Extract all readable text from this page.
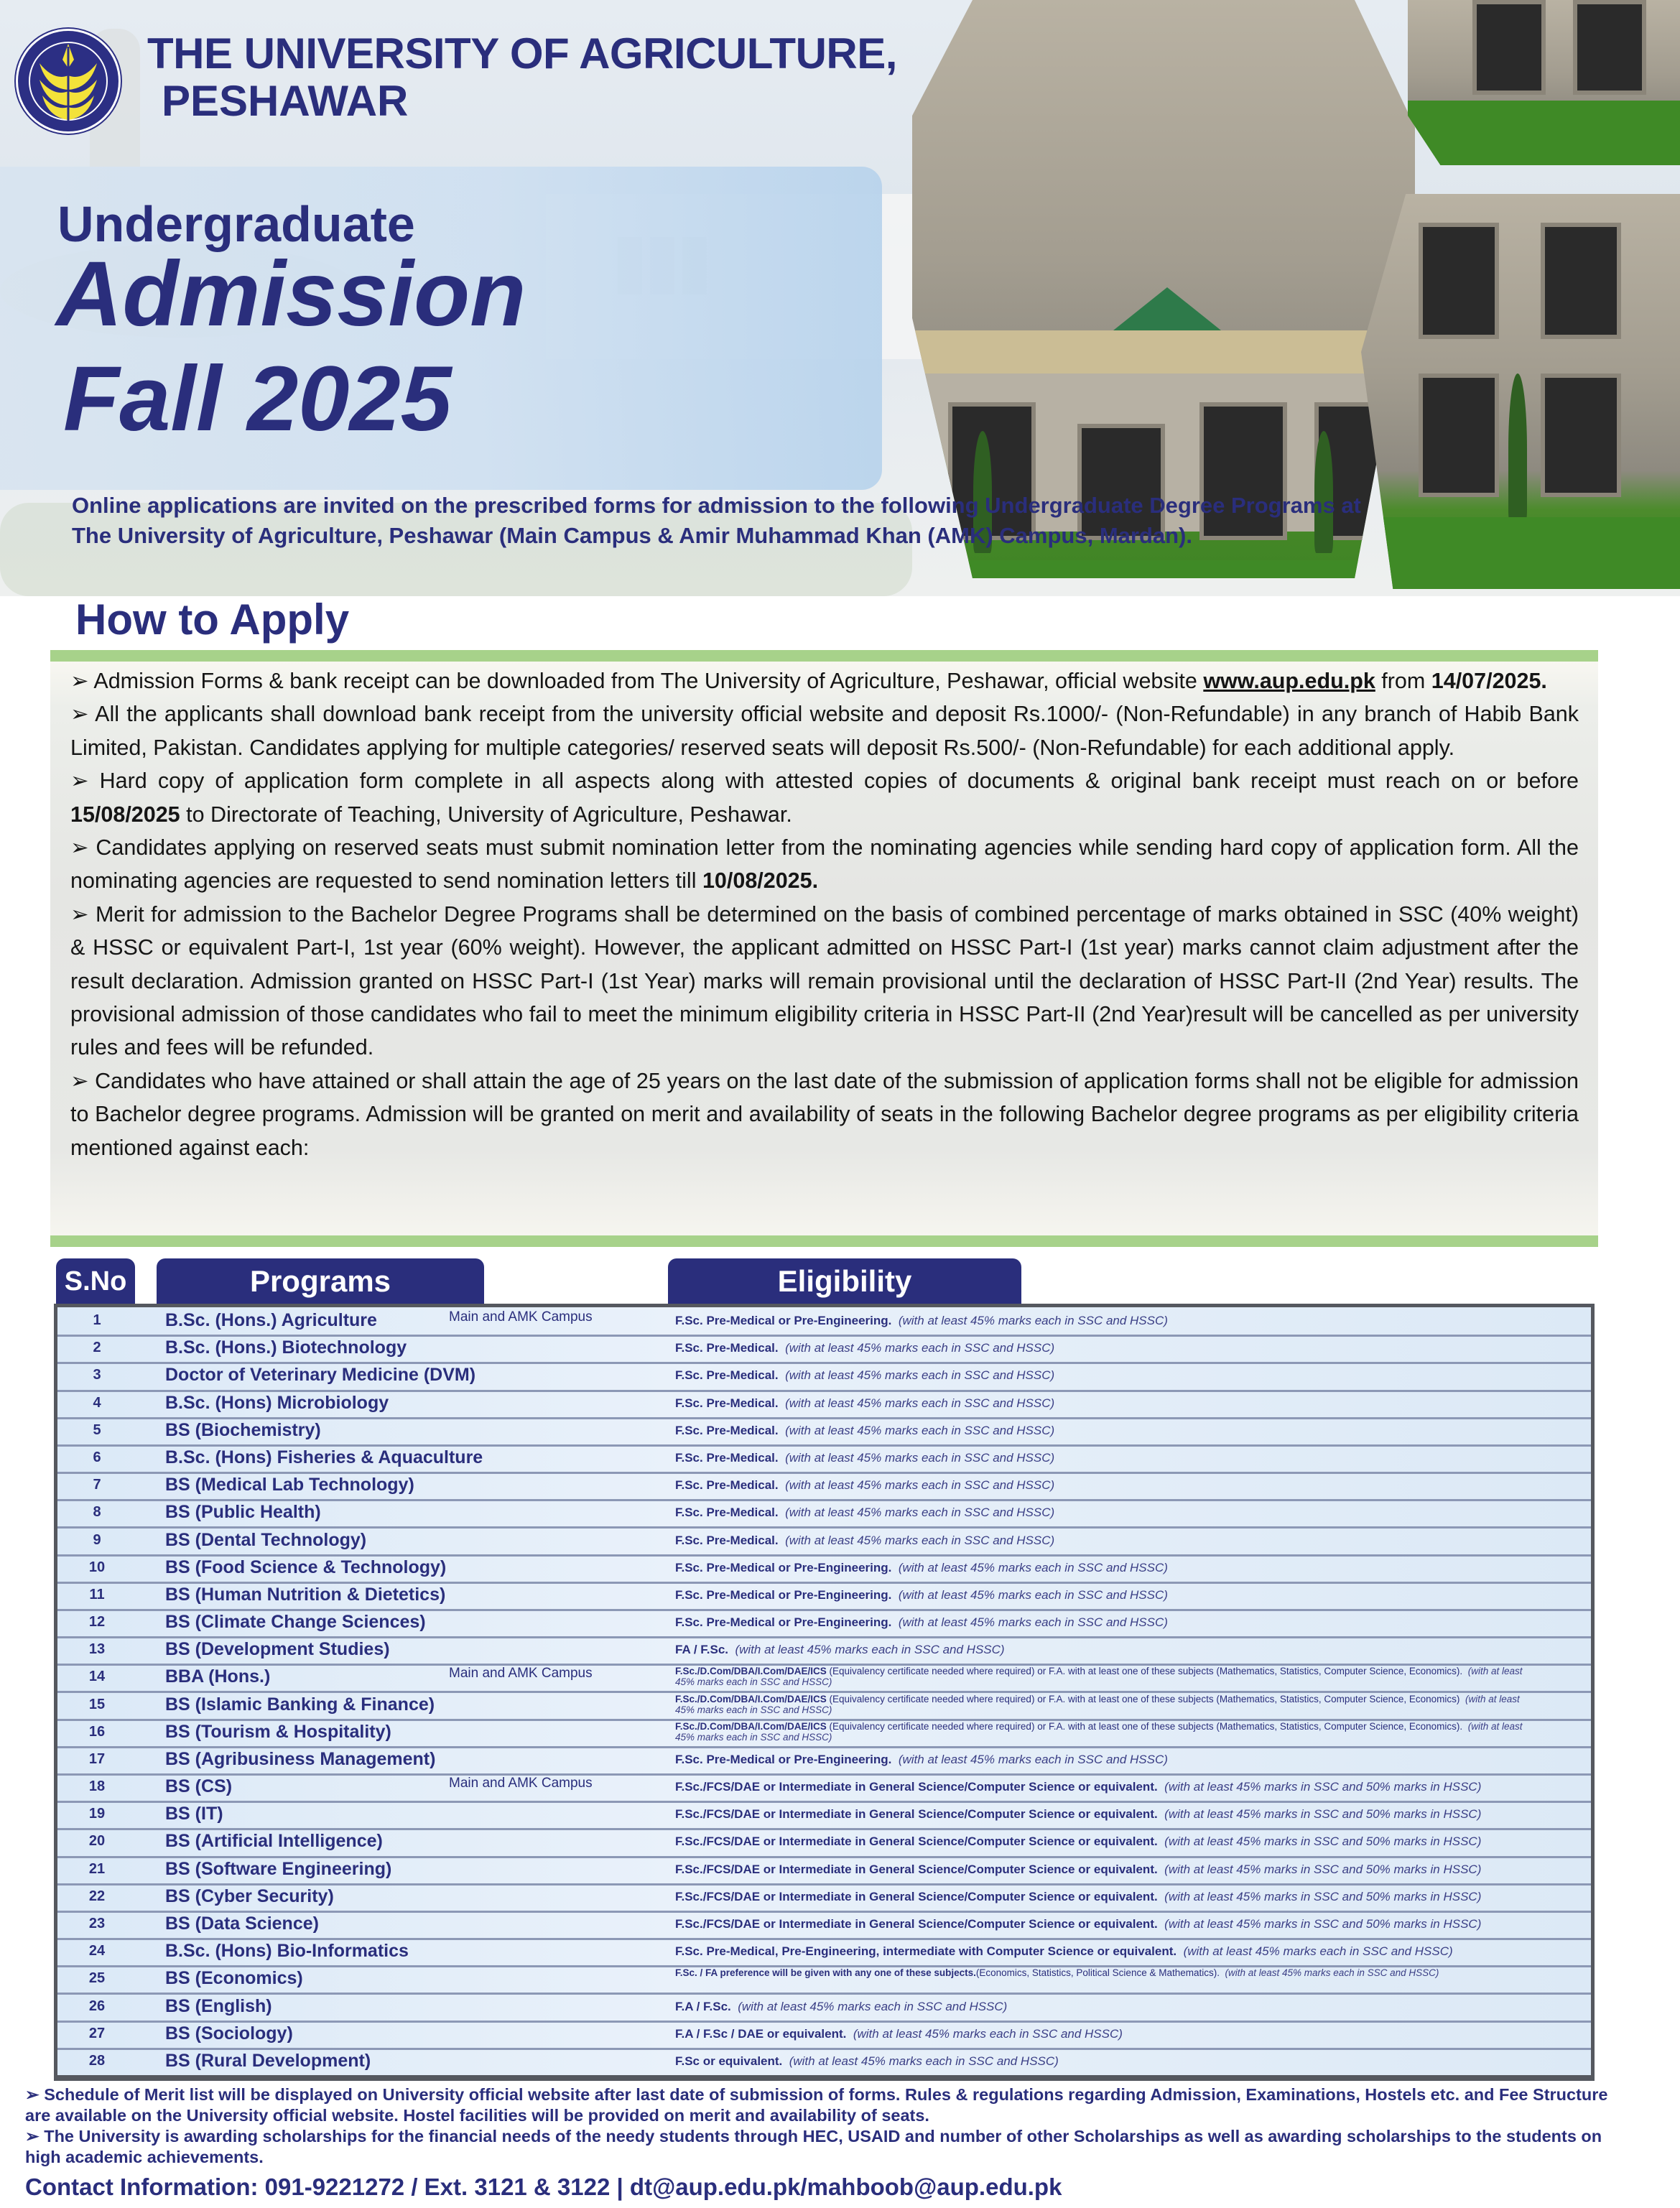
THE UNIVERSITY OF AGRICULTURE,
PESHAWAR
Undergraduate
Admission
Fall 2025
Online applications are invited on the prescribed forms for admission to the following Undergraduate Degree Programs at The University of Agriculture, Peshawar (Main Campus & Amir Muhammad Khan (AMK) Campus, Mardan).
How to Apply

➢ Admission Forms & bank receipt can be downloaded from The University of Agriculture, Peshawar, official website www.aup.edu.pk from 14/07/2025.

➢ All the applicants shall download bank receipt from the university official website and deposit Rs.1000/- (Non-Refundable) in any branch of Habib Bank Limited, Pakistan. Candidates applying for multiple categories/ reserved seats will deposit Rs.500/- (Non-Refundable) for each additional apply.

➢ Hard copy of application form complete in all aspects along with attested copies of documents & original bank receipt must reach on or before 15/08/2025 to Directorate of Teaching, University of Agriculture, Peshawar.

➢ Candidates applying on reserved seats must submit nomination letter from the nominating agencies while sending hard copy of application form. All the nominating agencies are requested to send nomination letters till 10/08/2025.

➢ Merit for admission to the Bachelor Degree Programs shall be determined on the basis of combined percentage of marks obtained in SSC (40% weight) & HSSC or equivalent Part-I, 1st year (60% weight). However, the applicant admitted on HSSC Part-I (1st year) marks cannot claim adjustment after the result declaration. Admission granted on HSSC Part-I (1st Year) marks will remain provisional until the declaration of HSSC Part-II (2nd Year) results. The provisional admission of those candidates who fail to meet the minimum eligibility criteria in HSSC Part-II (2nd Year)result will be cancelled as per university rules and fees will be refunded.

➢ Candidates who have attained or shall attain the age of 25 years on the last date of the submission of application forms shall not be eligible for admission to Bachelor degree programs. Admission will be granted on merit and availability of seats in the following Bachelor degree programs as per eligibility criteria mentioned against each:

S.No	Programs	Eligibility
1	B.Sc. (Hons.) Agriculture	Main and AMK Campus	F.Sc. Pre-Medical or Pre-Engineering. (with at least 45% marks each in SSC and HSSC)
2	B.Sc. (Hons.) Biotechnology	F.Sc. Pre-Medical. (with at least 45% marks each in SSC and HSSC)
3	Doctor of Veterinary Medicine (DVM)	F.Sc. Pre-Medical. (with at least 45% marks each in SSC and HSSC)
4	B.Sc. (Hons) Microbiology	F.Sc. Pre-Medical. (with at least 45% marks each in SSC and HSSC)
5	BS (Biochemistry)	F.Sc. Pre-Medical. (with at least 45% marks each in SSC and HSSC)
6	B.Sc. (Hons) Fisheries & Aquaculture	F.Sc. Pre-Medical. (with at least 45% marks each in SSC and HSSC)
7	BS (Medical Lab Technology)	F.Sc. Pre-Medical. (with at least 45% marks each in SSC and HSSC)
8	BS (Public Health)	F.Sc. Pre-Medical. (with at least 45% marks each in SSC and HSSC)
9	BS (Dental Technology)	F.Sc. Pre-Medical. (with at least 45% marks each in SSC and HSSC)
10	BS (Food Science & Technology)	F.Sc. Pre-Medical or Pre-Engineering. (with at least 45% marks each in SSC and HSSC)
11	BS (Human Nutrition & Dietetics)	F.Sc. Pre-Medical or Pre-Engineering. (with at least 45% marks each in SSC and HSSC)
12	BS (Climate Change Sciences)	F.Sc. Pre-Medical or Pre-Engineering. (with at least 45% marks each in SSC and HSSC)
13	BS (Development Studies)	FA / F.Sc. (with at least 45% marks each in SSC and HSSC)
14	BBA (Hons.)	Main and AMK Campus	F.Sc./D.Com/DBA/I.Com/DAE/ICS (Equivalency certificate needed where required) or F.A. with at least one of these subjects (Mathematics, Statistics, Computer Science, Economics). (with at least 45% marks each in SSC and HSSC)
15	BS (Islamic Banking & Finance)	F.Sc./D.Com/DBA/I.Com/DAE/ICS (Equivalency certificate needed where required) or F.A. with at least one of these subjects (Mathematics, Statistics, Computer Science, Economics) (with at least 45% marks each in SSC and HSSC)
16	BS (Tourism & Hospitality)	F.Sc./D.Com/DBA/I.Com/DAE/ICS (Equivalency certificate needed where required) or F.A. with at least one of these subjects (Mathematics, Statistics, Computer Science, Economics). (with at least 45% marks each in SSC and HSSC)
17	BS (Agribusiness Management)	F.Sc. Pre-Medical or Pre-Engineering. (with at least 45% marks each in SSC and HSSC)
18	BS (CS)	Main and AMK Campus	F.Sc./FCS/DAE or Intermediate in General Science/Computer Science or equivalent. (with at least 45% marks in SSC and 50% marks in HSSC)
19	BS (IT)	F.Sc./FCS/DAE or Intermediate in General Science/Computer Science or equivalent. (with at least 45% marks in SSC and 50% marks in HSSC)
20	BS (Artificial Intelligence)	F.Sc./FCS/DAE or Intermediate in General Science/Computer Science or equivalent. (with at least 45% marks in SSC and 50% marks in HSSC)
21	BS (Software Engineering)	F.Sc./FCS/DAE or Intermediate in General Science/Computer Science or equivalent. (with at least 45% marks in SSC and 50% marks in HSSC)
22	BS (Cyber Security)	F.Sc./FCS/DAE or Intermediate in General Science/Computer Science or equivalent. (with at least 45% marks in SSC and 50% marks in HSSC)
23	BS (Data Science)	F.Sc./FCS/DAE or Intermediate in General Science/Computer Science or equivalent. (with at least 45% marks in SSC and 50% marks in HSSC)
24	B.Sc. (Hons) Bio-Informatics	F.Sc. Pre-Medical, Pre-Engineering, intermediate with Computer Science or equivalent. (with at least 45% marks each in SSC and HSSC)
25	BS (Economics)	F.Sc. / FA preference will be given with any one of these subjects.(Economics, Statistics, Political Science & Mathematics). (with at least 45% marks each in SSC and HSSC)
26	BS (English)	F.A / F.Sc. (with at least 45% marks each in SSC and HSSC)
27	BS (Sociology)	F.A / F.Sc / DAE or equivalent. (with at least 45% marks each in SSC and HSSC)
28	BS (Rural Development)	F.Sc or equivalent. (with at least 45% marks each in SSC and HSSC)

➢ Schedule of Merit list will be displayed on University official website after last date of submission of forms. Rules & regulations regarding Admission, Examinations, Hostels etc. and Fee Structure are available on the University official website. Hostel facilities will be provided on merit and availability of seats.

➢ The University is awarding scholarships for the financial needs of the needy students through HEC, USAID and number of other Scholarships as well as awarding scholarships to the students on high academic achievements.

Contact Information: 091-9221272 / Ext. 3121 & 3122 | dt@aup.edu.pk/mahboob@aup.edu.pk
